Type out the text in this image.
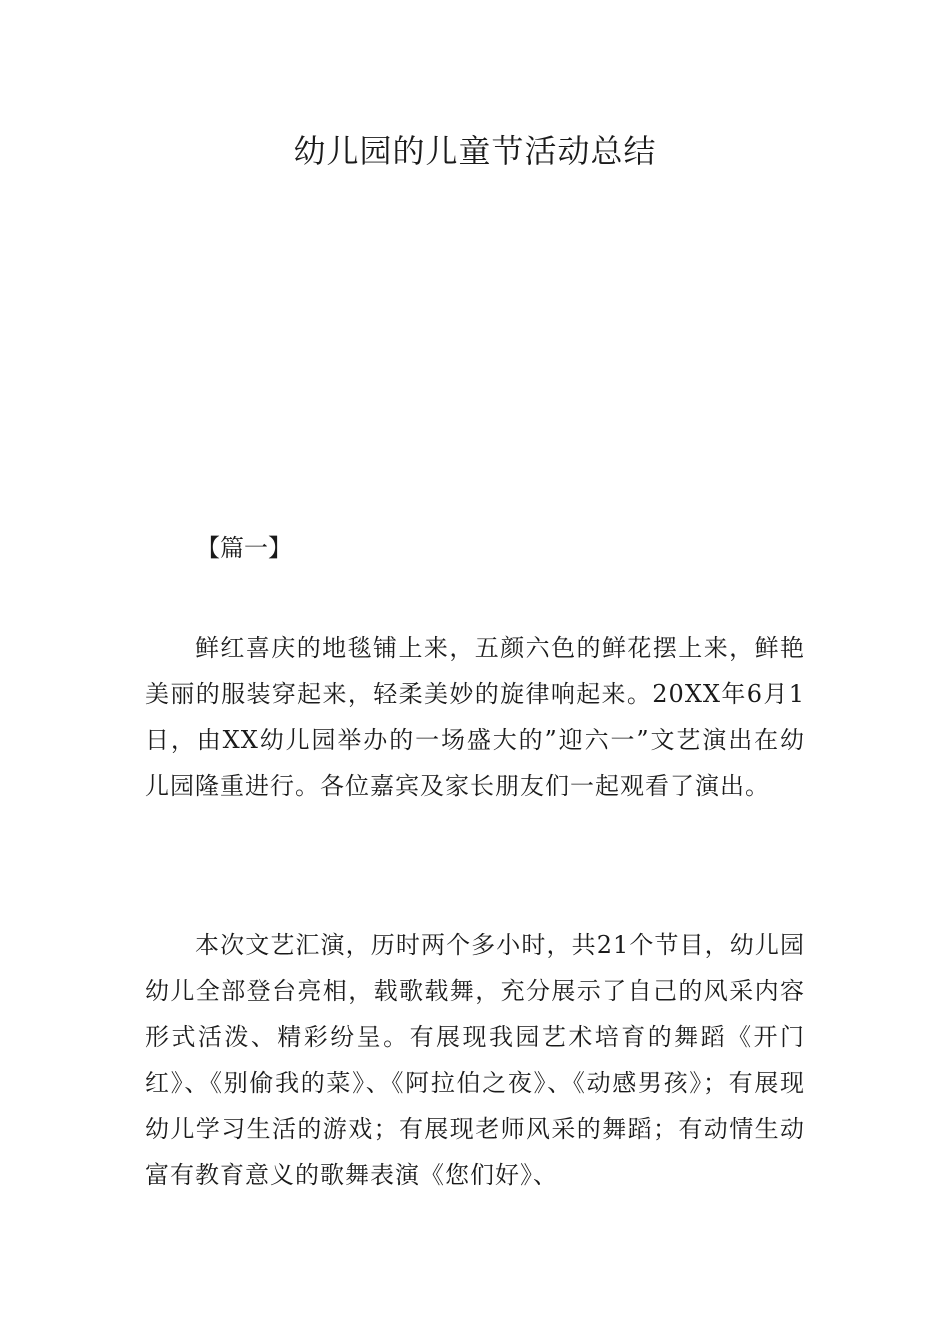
幼儿园的儿童节活动总结

【篇一】

鲜红喜庆的地毯铺上来，五颜六色的鲜花摆上来，鲜艳美丽的服装穿起来，轻柔美妙的旋律响起来。20XX年6月1日，由XX幼儿园举办的一场盛大的”迎六一”文艺演出在幼儿园隆重进行。各位嘉宾及家长朋友们一起观看了演出。

本次文艺汇演，历时两个多小时，共21个节目，幼儿园幼儿全部登台亮相，载歌载舞，充分展示了自己的风采内容形式活泼、精彩纷呈。有展现我园艺术培育的舞蹈《开门红》、《别偷我的菜》、《阿拉伯之夜》、《动感男孩》；有展现幼儿学习生活的游戏；有展现老师风采的舞蹈；有动情生动富有教育意义的歌舞表演《您们好》、
